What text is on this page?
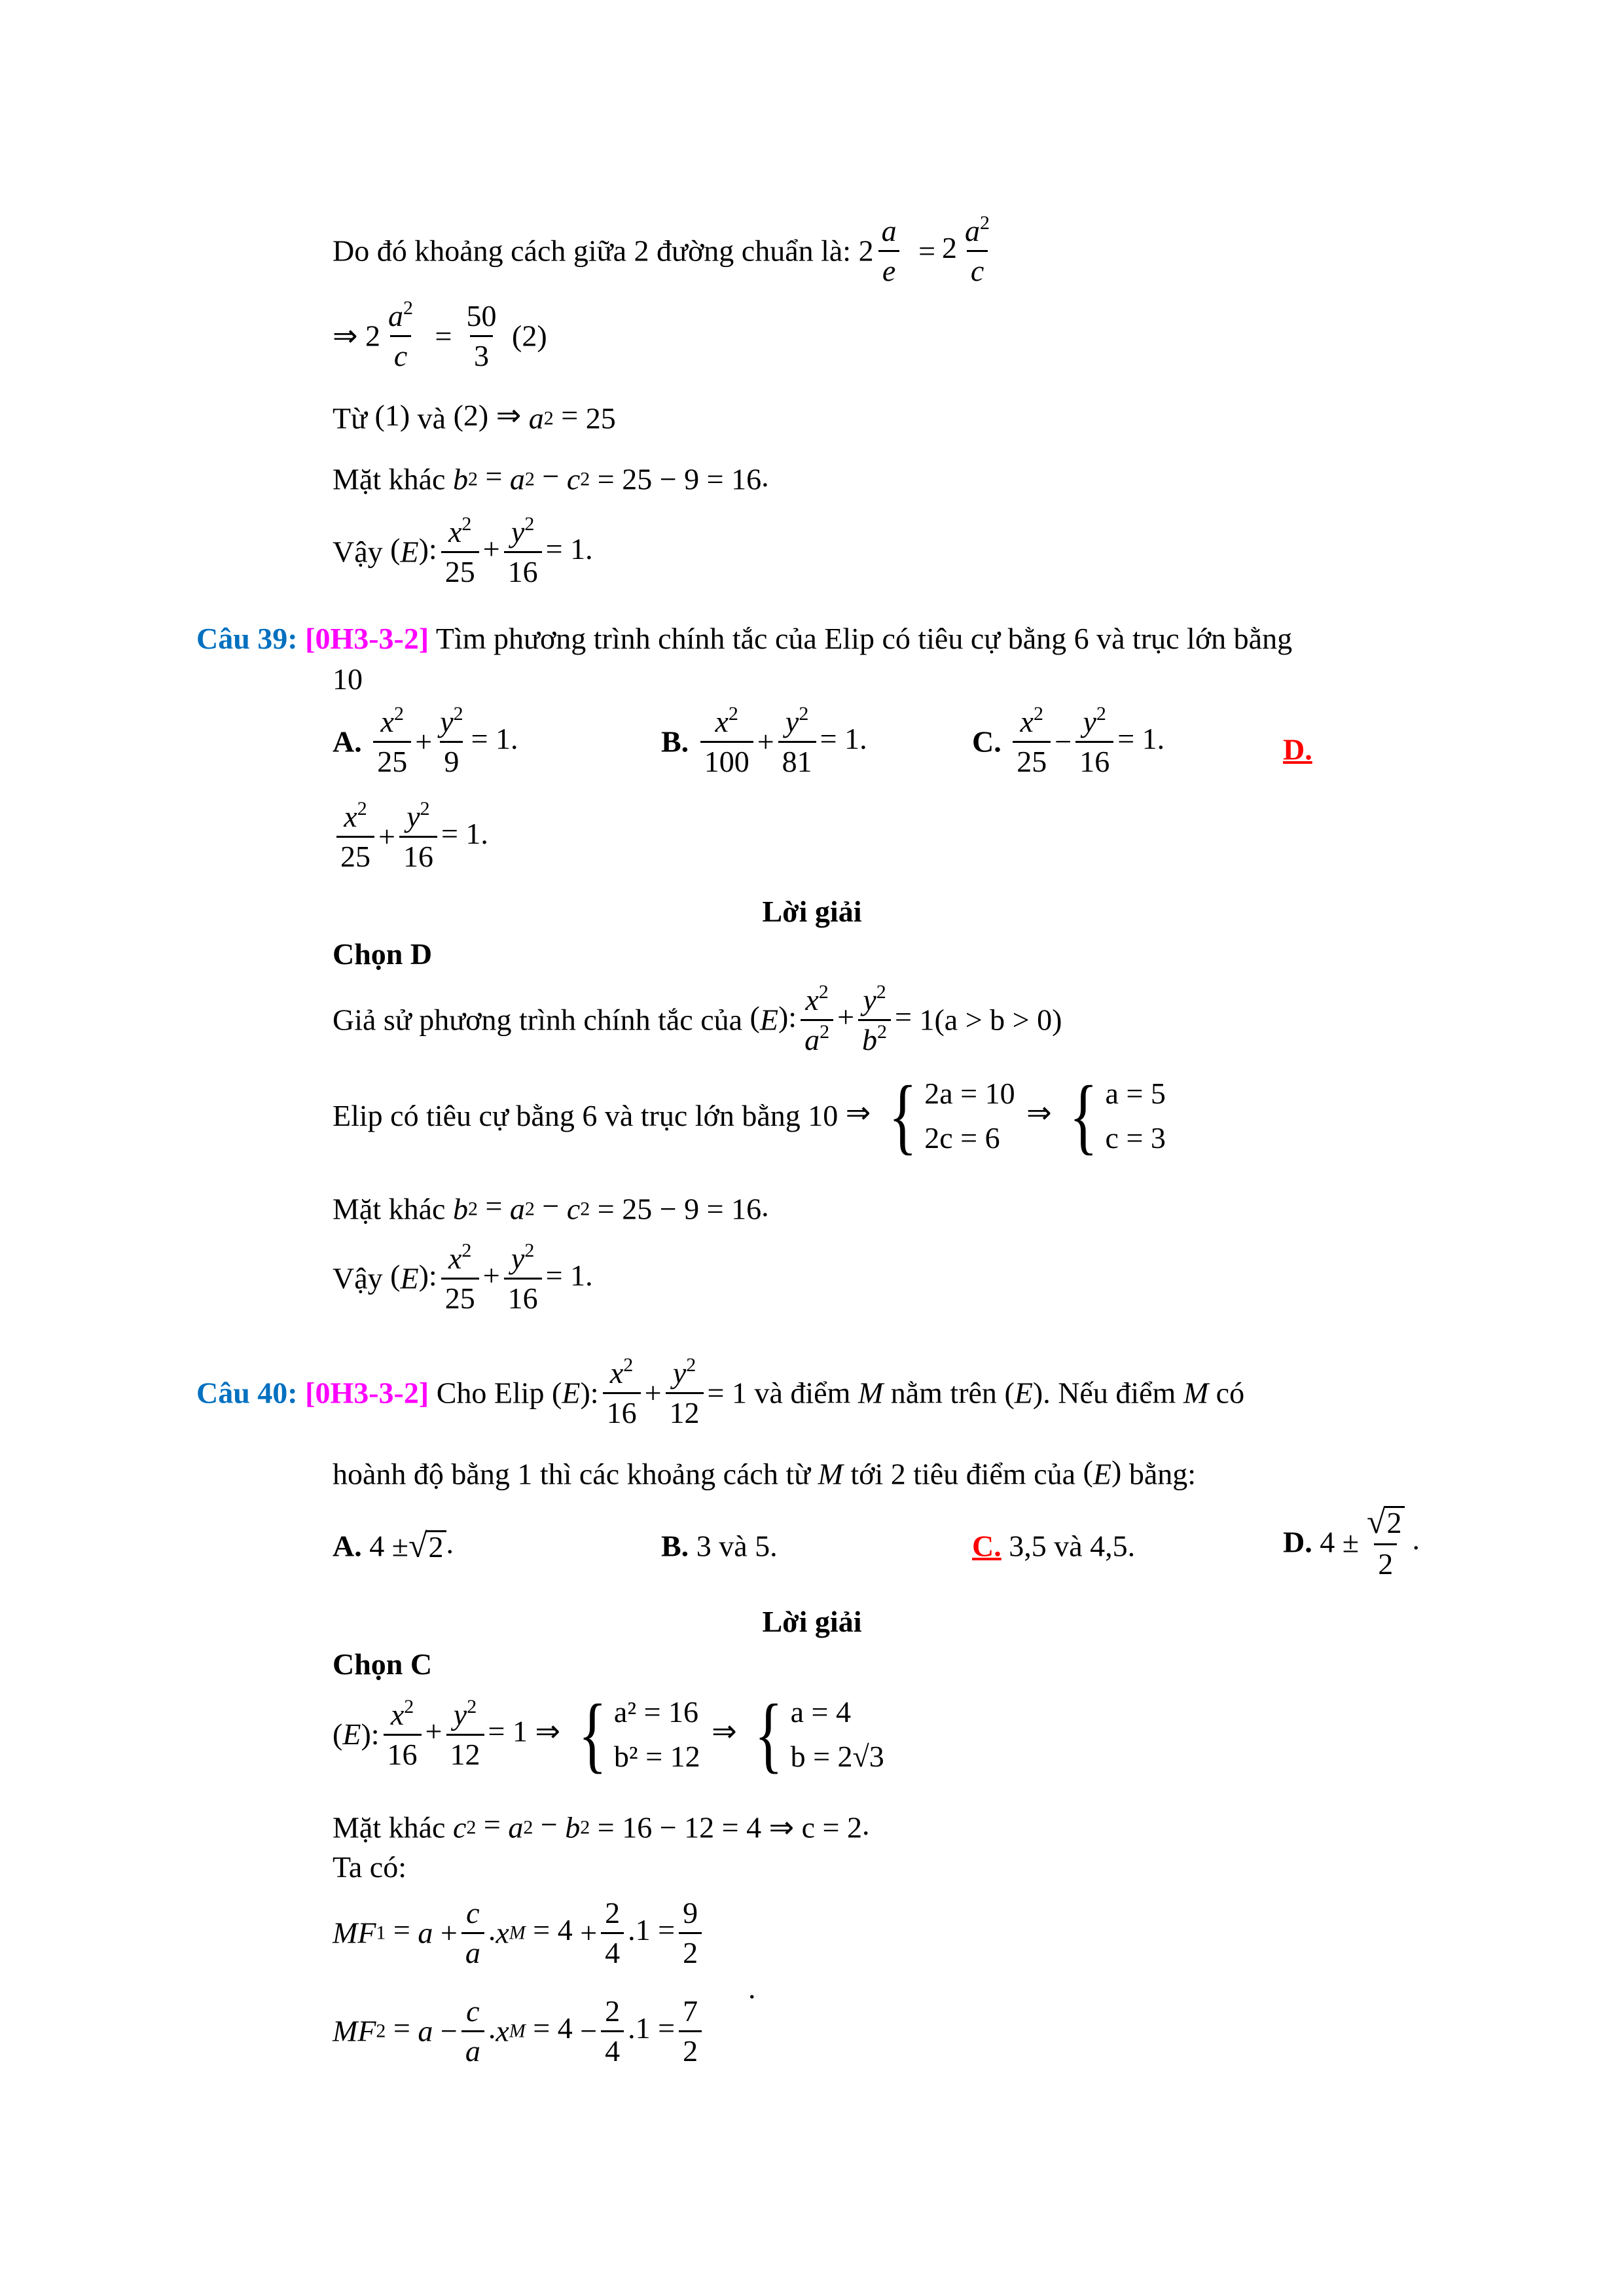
Do đó khoảng cách giữa 2 đường chuẩn là: $2 \frac{a}{e} = 2 \frac{a^2}{c}$
⇒ $2 \frac{a^2}{c} = \frac{50}{3} (2)$
Từ (1) và (2) ⇒ a2 = 25
Mặt khác b2 = a2 − c2 = 25 − 9 = 16.
Vậy (E): $\frac{x^2}{25} + \frac{y^2}{16} = 1$.
Câu 39: [0H3-3-2] Tìm phương trình chính tắc của Elip có tiêu cự bằng 6 và trục lớn bằng
10
A. $\frac{x^2}{25} + \frac{y^2}{9} = 1$.	B. $\frac{x^2}{100} + \frac{y^2}{81} = 1$.	C. $\frac{x^2}{25} - \frac{y^2}{16} = 1$.	D.
$\frac{x^2}{25} + \frac{y^2}{16} = 1$.
Lời giải
Chọn D
Giả sử phương trình chính tắc của (E): $\frac{x^2}{a^2} + \frac{y^2}{b^2} = 1(a > b > 0)$
Elip có tiêu cự bằng 6 và trục lớn bằng 10 ⇒ { 2a = 10
2c = 6
⇒ { a = 5
c = 3
Mặt khác b2 = a2 − c2 = 25 − 9 = 16.
Vậy (E): $\frac{x^2}{25} + \frac{y^2}{16} = 1$.
Câu 40: [0H3-3-2] Cho Elip (E): $\frac{x^2}{16} + \frac{y^2}{12} = 1$ và điểm M nằm trên (E). Nếu điểm M có
hoành độ bằng 1 thì các khoảng cách từ M tới 2 tiêu điểm của (E) bằng:
A. 4 ±√2.	B. 3 và 5.	C. 3,5 và 4,5.	D. $4 \pm \frac{√2}{2}$ .
Lời giải
Chọn C
(E): $\frac{x^2}{16} + \frac{y^2}{12} = 1$ ⇒ { a² = 16
b² = 12
⇒ { a = 4
b = 2√3
Mặt khác c2 = a2 − b2 = 16 − 12 = 4 ⇒ c = 2.
Ta có:
$MF1 = a + \frac{c}{a} .xM = 4 + \frac{2}{4} .1 = \frac{9}{2}$
$MF2 = a - \frac{c}{a} .xM = 4 - \frac{2}{4} .1 = \frac{7}{2}$
.
